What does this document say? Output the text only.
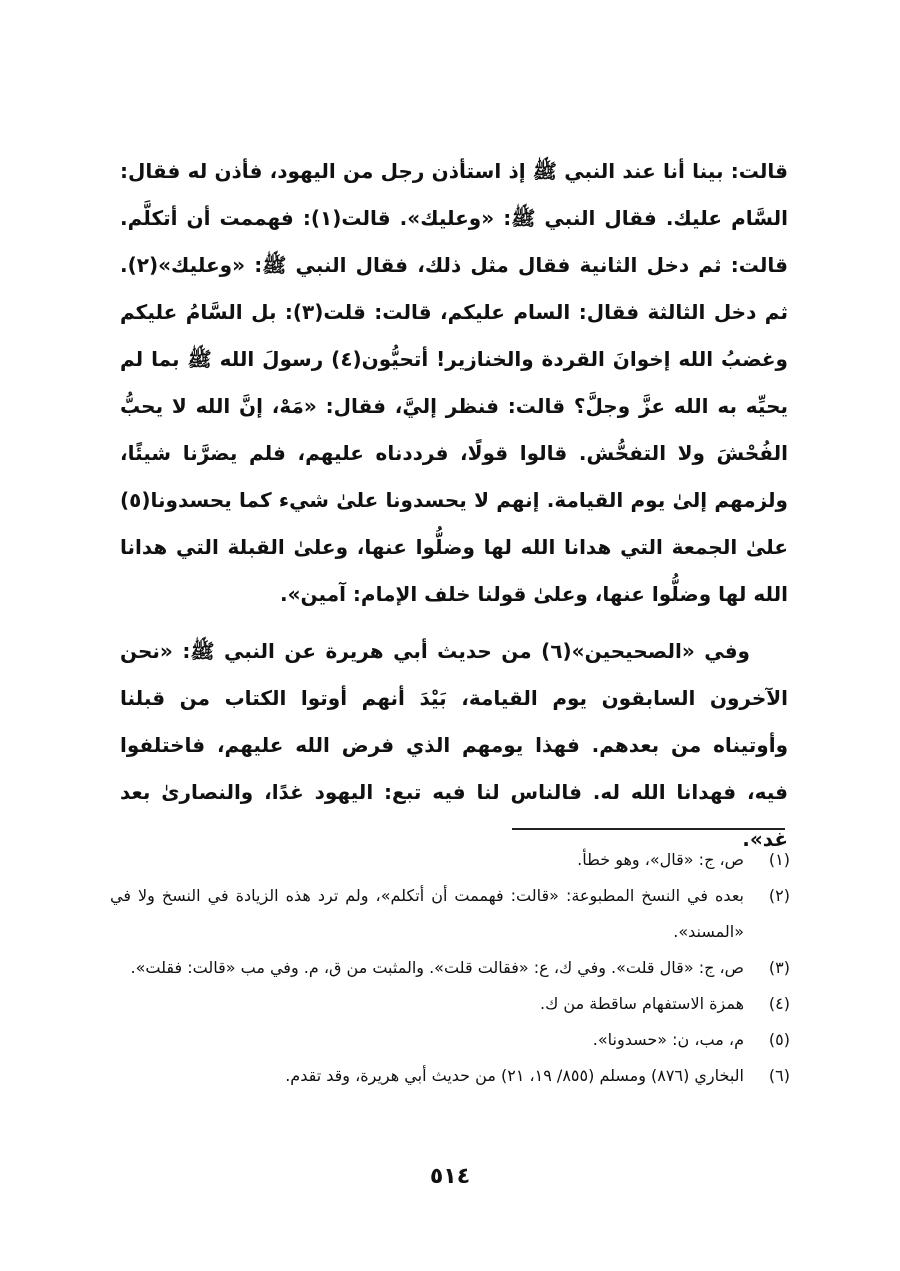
قالت: بينا أنا عند النبي ﷺ إذ استأذن رجل من اليهود، فأذن له فقال: السَّام عليك. فقال النبي ﷺ: «وعليك». قالت(١): فهممت أن أتكلَّم. قالت: ثم دخل الثانية فقال مثل ذلك، فقال النبي ﷺ: «وعليك»(٢). ثم دخل الثالثة فقال: السام عليكم، قالت: قلت(٣): بل السَّامُ عليكم وغضبُ الله إخوانَ القردة والخنازير! أتحيُّون(٤) رسولَ الله ﷺ بما لم يحيِّه به الله عزَّ وجلَّ؟ قالت: فنظر إليَّ، فقال: «مَهْ، إنَّ الله لا يحبُّ الفُحْشَ ولا التفحُّش. قالوا قولًا، فرددناه عليهم، فلم يضرَّنا شيئًا، ولزمهم إلىٰ يوم القيامة. إنهم لا يحسدونا علىٰ شيء كما يحسدونا(٥) علىٰ الجمعة التي هدانا الله لها وضلُّوا عنها، وعلىٰ القبلة التي هدانا الله لها وضلُّوا عنها، وعلىٰ قولنا خلف الإمام: آمين».

وفي «الصحيحين»(٦) من حديث أبي هريرة عن النبي ﷺ: «نحن الآخرون السابقون يوم القيامة، بَيْدَ أنهم أوتوا الكتاب من قبلنا وأوتيناه من بعدهم. فهذا يومهم الذي فرض الله عليهم، فاختلفوا فيه، فهدانا الله له. فالناس لنا فيه تبع: اليهود غدًا، والنصارىٰ بعد غد».

(١)
ص، ج: «قال»، وهو خطأ.
(٢)
بعده في النسخ المطبوعة: «قالت: فهممت أن أتكلم»، ولم ترد هذه الزيادة في النسخ ولا في «المسند».
(٣)
ص، ج: «قال قلت». وفي ك، ع: «فقالت قلت». والمثبت من ق، م. وفي مب «قالت: فقلت».
(٤)
همزة الاستفهام ساقطة من ك.
(٥)
م، مب، ن: «حسدونا».
(٦)
البخاري (٨٧٦) ومسلم (٨٥٥/ ١٩، ٢١) من حديث أبي هريرة، وقد تقدم.
٥١٤
